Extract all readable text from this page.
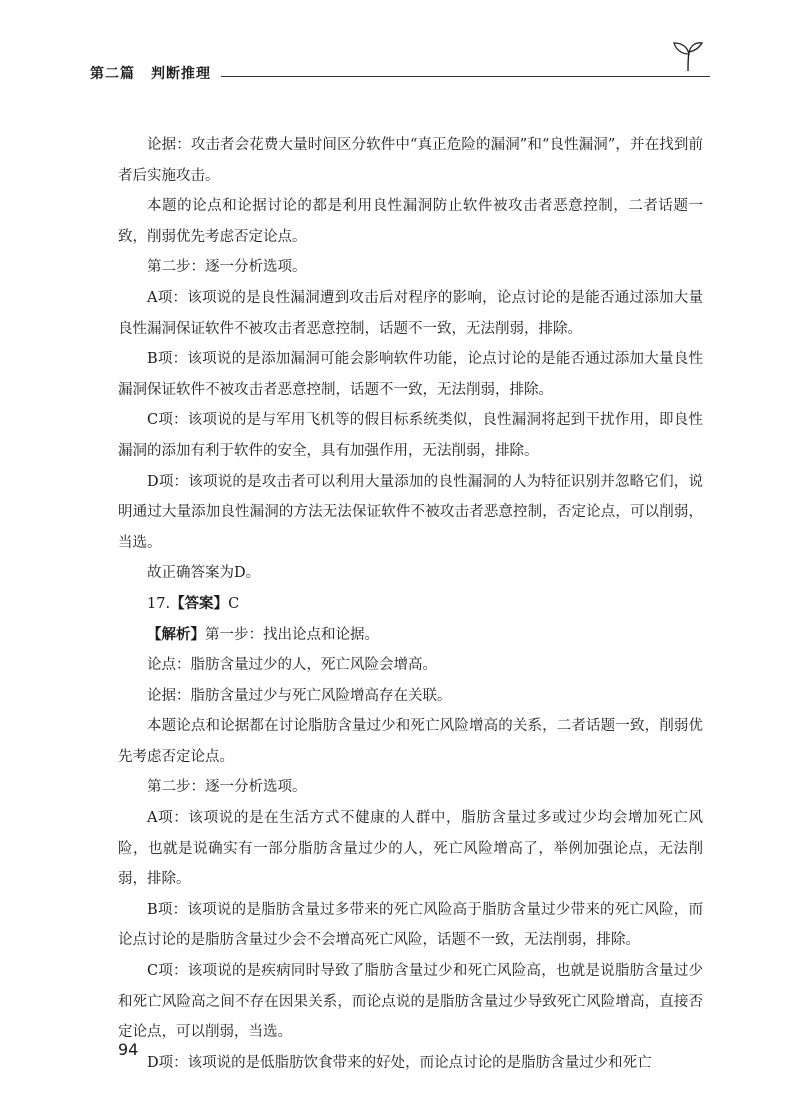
第二篇 判断推理

论据：攻击者会花费大量时间区分软件中“真正危险的漏洞”和“良性漏洞”，并在找到前者后实施攻击。

本题的论点和论据讨论的都是利用良性漏洞防止软件被攻击者恶意控制，二者话题一致，削弱优先考虑否定论点。

第二步：逐一分析选项。

A项：该项说的是良性漏洞遭到攻击后对程序的影响，论点讨论的是能否通过添加大量良性漏洞保证软件不被攻击者恶意控制，话题不一致，无法削弱，排除。

B项：该项说的是添加漏洞可能会影响软件功能，论点讨论的是能否通过添加大量良性漏洞保证软件不被攻击者恶意控制，话题不一致，无法削弱，排除。

C项：该项说的是与军用飞机等的假目标系统类似，良性漏洞将起到干扰作用，即良性漏洞的添加有利于软件的安全，具有加强作用，无法削弱，排除。

D项：该项说的是攻击者可以利用大量添加的良性漏洞的人为特征识别并忽略它们，说明通过大量添加良性漏洞的方法无法保证软件不被攻击者恶意控制，否定论点，可以削弱，当选。

故正确答案为D。

17.【答案】C

【解析】第一步：找出论点和论据。

论点：脂肪含量过少的人，死亡风险会增高。

论据：脂肪含量过少与死亡风险增高存在关联。

本题论点和论据都在讨论脂肪含量过少和死亡风险增高的关系，二者话题一致，削弱优先考虑否定论点。

第二步：逐一分析选项。

A项：该项说的是在生活方式不健康的人群中，脂肪含量过多或过少均会增加死亡风险，也就是说确实有一部分脂肪含量过少的人，死亡风险增高了，举例加强论点，无法削弱，排除。

B项：该项说的是脂肪含量过多带来的死亡风险高于脂肪含量过少带来的死亡风险，而论点讨论的是脂肪含量过少会不会增高死亡风险，话题不一致，无法削弱，排除。

C项：该项说的是疾病同时导致了脂肪含量过少和死亡风险高，也就是说脂肪含量过少和死亡风险高之间不存在因果关系，而论点说的是脂肪含量过少导致死亡风险增高，直接否定论点，可以削弱，当选。

D项：该项说的是低脂肪饮食带来的好处，而论点讨论的是脂肪含量过少和死亡

94
